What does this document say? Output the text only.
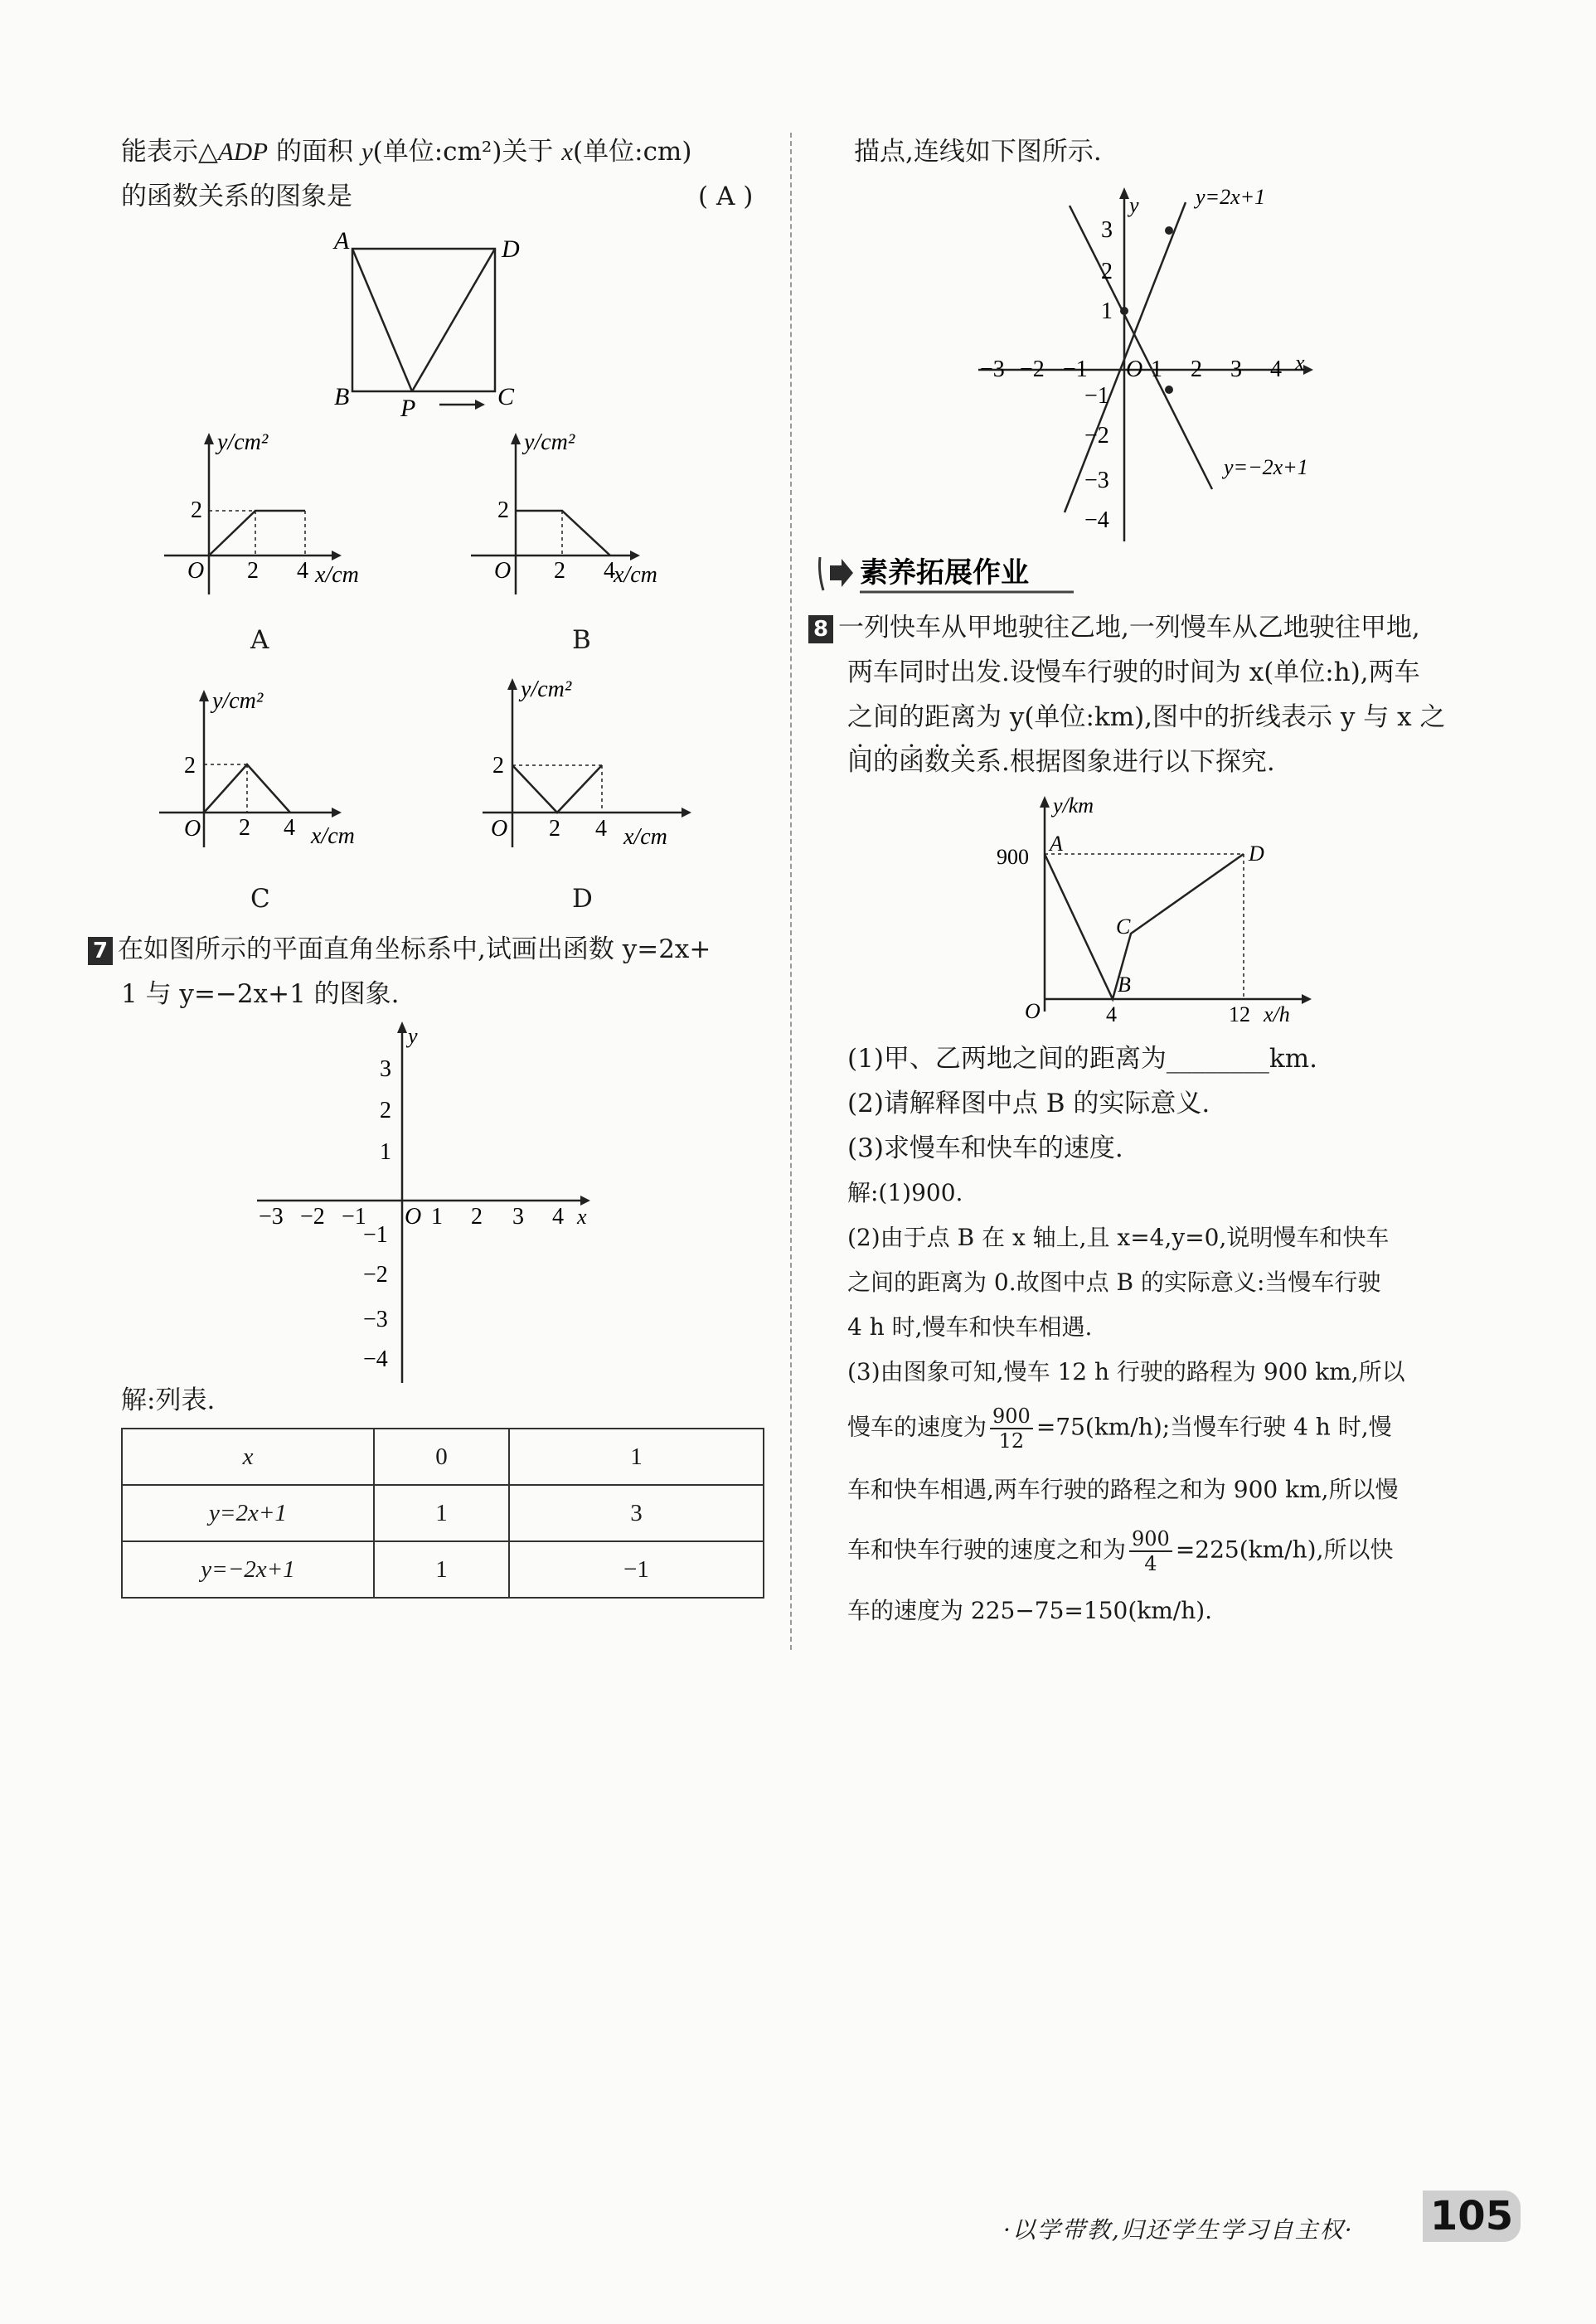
能表示△ADP 的面积 y(单位:cm²)关于 x(单位:cm)
的函数关系的图象是	( A )
A	D
B	C
P
y/cm²
x/cm
O
2
2 4
A
y/cm²
x/cm
O
2
2 4
B
y/cm²
x/cm
O
2
2 4
C
y/cm²
x/cm
O
2
2 4
D
7 在如图所示的平面直角坐标系中,试画出函数 y=2x+
1 与 y=−2x+1 的图象.
y
x
O
−3 −2 −1	1 2 3 4
3
2
1
−1
−2
−3
−4
解:列表.
x	0	1
y=2x+1	1	3
y=−2x+1	1	−1
描点,连线如下图所示.
y=2x+1
y=−2x+1
y
x
O
−3 −2 −1	1 2 3 4
3
2
1
−1
−2
−3
−4
素养拓展作业
8 一列快车从甲地驶往乙地,一列慢车从乙地驶往甲地,
两车同时出发.设慢车行驶的时间为 x(单位:h),两车
之间的距离为 y(单位:km),图中的折线表示 y 与 x 之
间的函数关系.根据图象进行以下探究.
y/km
900
A	D
C
B
O	4	12 x/h
(1)甲、乙两地之间的距离为________km.
(2)请解释图中点 B 的实际意义.
(3)求慢车和快车的速度.
解:(1)900.
(2)由于点 B 在 x 轴上,且 x=4,y=0,说明慢车和快车
之间的距离为 0.故图中点 B 的实际意义:当慢车行驶
4 h 时,慢车和快车相遇.
(3)由图象可知,慢车 12 h 行驶的路程为 900 km,所以
慢车的速度为 $\frac{900}{12} =75(km/h)$;当慢车行驶 4 h 时,慢
车和快车相遇,两车行驶的路程之和为 900 km,所以慢
车和快车行驶的速度之和为 $\frac{900}{4} =225(km/h)$,所以快
车的速度为 225−75=150(km/h).
·以学带教,归还学生学习自主权· 105
